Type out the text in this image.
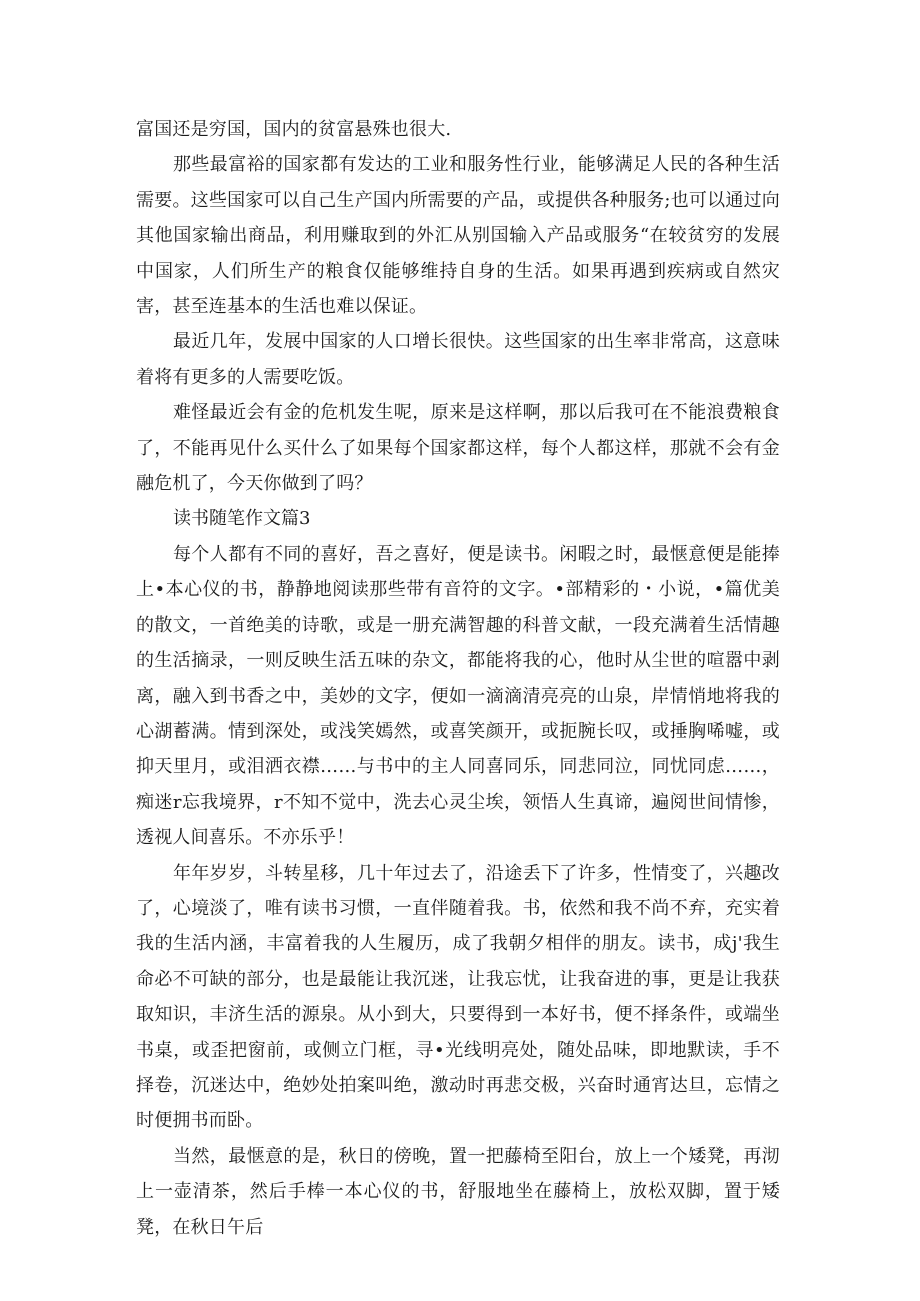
富国还是穷国，国内的贫富悬殊也很大.

那些最富裕的国家都有发达的工业和服务性行业，能够满足人民的各种生活需要。这些国家可以自己生产国内所需要的产品，或提供各种服务;也可以通过向其他国家输出商品，利用赚取到的外汇从别国输入产品或服务“在较贫穷的发展中国家，人们所生产的粮食仅能够维持自身的生活。如果再遇到疾病或自然灾害，甚至连基本的生活也难以保证。

最近几年，发展中国家的人口增长很快。这些国家的出生率非常高，这意味着将有更多的人需要吃饭。

难怪最近会有金的危机发生呢，原来是这样啊，那以后我可在不能浪费粮食了，不能再见什么买什么了如果每个国家都这样，每个人都这样，那就不会有金融危机了，今天你做到了吗？

读书随笔作文篇3

每个人都有不同的喜好，吾之喜好，便是读书。闲暇之时，最惬意便是能捧上•本心仪的书，静静地阅读那些带有音符的文字。•部精彩的・小说，•篇优美的散文，一首绝美的诗歌，或是一册充满智趣的科普文献，一段充满着生活情趣的生活摘录，一则反映生活五味的杂文，都能将我的心，他时从尘世的喧嚣中剥离，融入到书香之中，美妙的文字，便如一滴滴清亮亮的山泉，岸情悄地将我的心湖蓄满。情到深处，或浅笑嫣然，或喜笑颜开，或扼腕长叹，或捶胸唏嘘，或抑天里月，或泪洒衣襟……与书中的主人同喜同乐，同悲同泣，同忧同虑……，痴迷r忘我境界，r不知不觉中，洗去心灵尘埃，领悟人生真谛，遍阅世间情惨，透视人间喜乐。不亦乐乎！

年年岁岁，斗转星移，几十年过去了，沿途丢下了许多，性情变了，兴趣改了，心境淡了，唯有读书习惯，一直伴随着我。书，依然和我不尚不弃，充实着我的生活内涵，丰富着我的人生履历，成了我朝夕相伴的朋友。读书，成j'我生命必不可缺的部分，也是最能让我沉迷，让我忘忧，让我奋进的事，更是让我获取知识，丰济生活的源泉。从小到大，只要得到一本好书，便不择条件，或端坐书桌，或歪把窗前，或侧立门框，寻•光线明亮处，随处品味，即地默读，手不择卷，沉迷达中，绝妙处拍案叫绝，激动时再悲交极，兴奋时通宵达旦，忘情之时便拥书而卧。

当然，最惬意的是，秋日的傍晚，置一把藤椅至阳台，放上一个矮凳，再沏上一壶清茶，然后手棒一本心仪的书，舒服地坐在藤椅上，放松双脚，置于矮凳，在秋日午后
